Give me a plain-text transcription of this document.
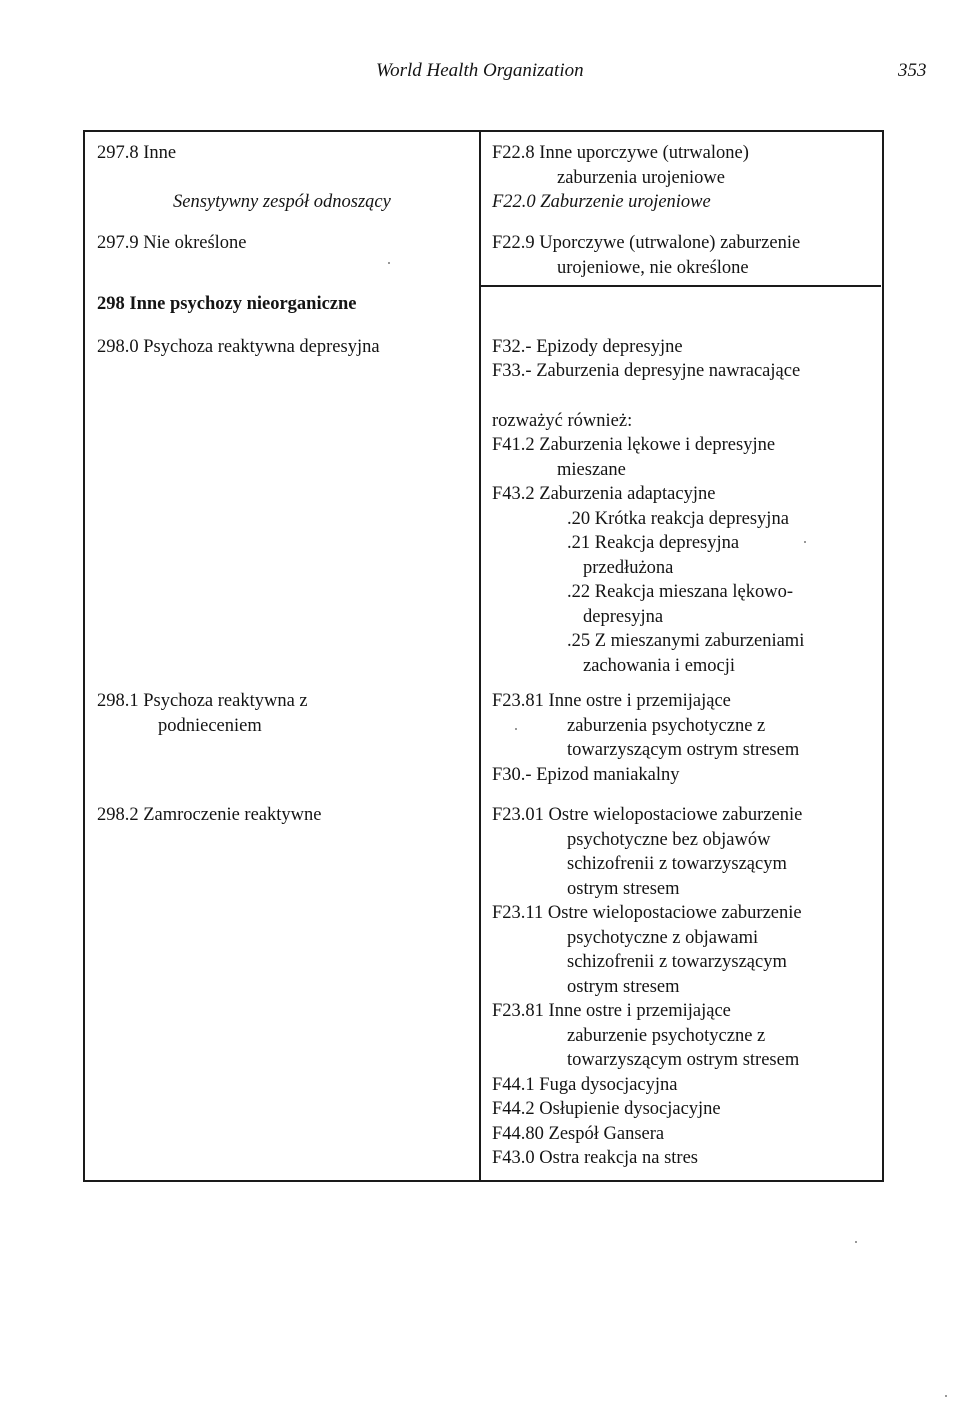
World Health Organization	353
297.8 Inne
Sensytywny zespół odnoszący
297.9 Nie określone
298 Inne psychozy nieorganiczne
298.0 Psychoza reaktywna depresyjna
298.1 Psychoza reaktywna z
podnieceniem
298.2 Zamroczenie reaktywne
F22.8 Inne uporczywe (utrwalone)
zaburzenia urojeniowe
F22.0 Zaburzenie urojeniowe
F22.9 Uporczywe (utrwalone) zaburzenie
urojeniowe, nie określone
F32.- Epizody depresyjne
F33.- Zaburzenia depresyjne nawracające
rozważyć również:
F41.2 Zaburzenia lękowe i depresyjne
mieszane
F43.2 Zaburzenia adaptacyjne
.20 Krótka reakcja depresyjna
.21 Reakcja depresyjna
przedłużona
.22 Reakcja mieszana lękowo-
depresyjna
.25 Z mieszanymi zaburzeniami
zachowania i emocji
F23.81 Inne ostre i przemijające
zaburzenia psychotyczne z
towarzyszącym ostrym stresem
F30.- Epizod maniakalny
F23.01 Ostre wielopostaciowe zaburzenie
psychotyczne bez objawów
schizofrenii z towarzyszącym
ostrym stresem
F23.11 Ostre wielopostaciowe zaburzenie
psychotyczne z objawami
schizofrenii z towarzyszącym
ostrym stresem
F23.81 Inne ostre i przemijające
zaburzenie psychotyczne z
towarzyszącym ostrym stresem
F44.1 Fuga dysocjacyjna
F44.2 Osłupienie dysocjacyjne
F44.80 Zespół Gansera
F43.0 Ostra reakcja na stres
